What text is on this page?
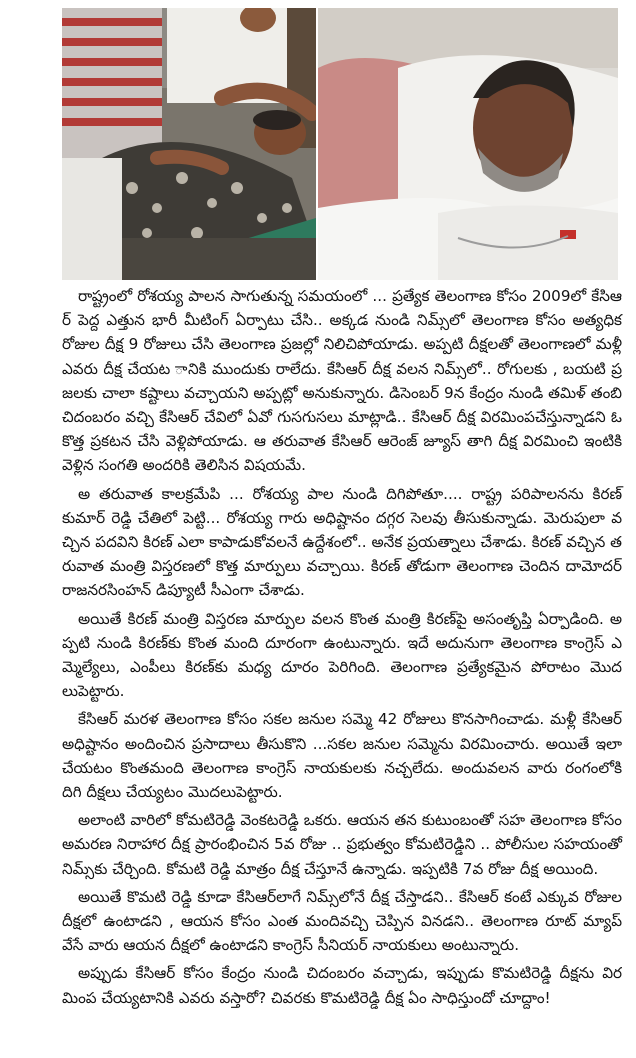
రాష్ట్రంలో రోశయ్య పాలన సాగుతున్న సమయంలో ... ప్రత్యేక తెలంగాణ కోసం 2009లో కేసిఆర్ పెద్ద ఎత్తున భారీ మీటింగ్ ఏర్పాటు చేసి.. అక్కడ నుండి నిమ్స్‌లో తెలంగాణ కోసం అత్యధిక రోజుల దీక్ష 9 రోజులు చేసి తెలంగాణ ప్రజల్లో నిలిచిపోయాడు. అప్పటి దీక్షలతో తెలంగాణలో మళ్లీ ఎవరు దీక్ష చేయట ానికి ముందుకు రాలేదు. కేసిఆర్ దీక్ష వలన నిమ్స్‌లో.. రోగులకు , బయటి ప్రజలకు చాలా కష్టాలు వచ్చాయని అప్పట్లో అనుకున్నారు. డిసెంబర్ 9న కేంద్రం నుండి తమిళ్ తంబి చిదంబరం వచ్చి కేసిఆర్ చేవిలో ఏవో గుసగుసలు మాట్లాడి.. కేసిఆర్ దీక్ష విరమింపచేస్తున్నాడని ఓ కొత్త ప్రకటన చేసి వెళ్లిపోయాడు. ఆ తరువాత కేసిఆర్ ఆరెంజ్ జ్యూస్ తాగి దీక్ష విరమించి ఇంటికి వెళ్లిన సంగతి అందరికి తెలిసిన విషయమే.

అ తరువాత కాలక్రమేపి ... రోశయ్య పాల నుండి దిగిపోతూ.... రాష్ట్ర పరిపాలనను కిరణ్ కుమార్ రెడ్డి చేతిలో పెట్టి... రోశయ్య గారు అధిష్టానం దగ్గర సెలవు తీసుకున్నాడు. మెరుపులా వచ్చిన పదవిని కిరణ్ ఎలా కాపాడుకోవలనే ఉద్దేశంలో.. అనేక ప్రయత్నాలు చేశాడు. కిరణ్ వచ్చిన తరువాత మంత్రి విస్తరణలో కొత్త మార్పులు వచ్చాయి. కిరణ్ తోడుగా తెలంగాణ చెందిన దామోదర్ రాజనరసింహన్ డిప్యూటీ సీఎంగా చేశాడు.

అయితే కిరణ్ మంత్రి విస్తరణ మార్పుల వలన కొంత మంత్రి కిరణ్‌పై అసంతృప్తి ఏర్పాడింది. అప్పటి నుండి కిరణ్‌కు కొంత మంది దూరంగా ఉంటున్నారు. ఇదే అదునుగా తెలంగాణ కాంగ్రెస్ ఎమ్మెల్యేలు, ఎంపీలు కిరణ్‌కు మధ్య దూరం పెరిగింది. తెలంగాణ ప్రత్యేకమైన పోరాటం మొదలుపెట్టారు.

కేసిఆర్ మరళ తెలంగాణ కోసం సకల జనుల సమ్మె 42 రోజులు కొనసాగించాడు. మళ్లీ కేసిఆర్ అధిష్టానం అందించిన ప్రసాదాలు తీసుకొని ...సకల జనుల సమ్మెను విరమించారు. అయితే ఇలా చేయటం కొంతమంది తెలంగాణ కాంగ్రెస్ నాయకులకు నచ్చలేదు. అందువలన వారు రంగంలోకి దిగి దీక్షలు చేయ్యటం మొదలుపెట్టారు.

అలాంటి వారిలో కోమటిరెడ్డి వెంకటరెడ్డి ఒకరు. ఆయన తన కుటుంబంతో సహ తెలంగాణ కోసం అమరణ నిరాహార దీక్ష ప్రారంభించిన 5వ రోజు .. ప్రభుత్వం కోమటిరెడ్డిని .. పోలీసుల సహయంతో నిమ్స్‌కు చేర్చింది. కోమటి రెడ్డి మాత్రం దీక్ష చేస్తూనే ఉన్నాడు. ఇప్పటికి 7వ రోజు దీక్ష అయింది.

అయితే కొమటి రెడ్డి కూడా కేసిఆర్‌లాగే నిమ్స్‌లోనే దీక్ష చేస్తాడని.. కేసిఆర్ కంటే ఎక్కువ రోజుల దీక్షలో ఉంటాడని , ఆయన కోసం ఎంత మందివచ్చి చెప్పిన వినడని.. తెలంగాణ రూట్ మ్యాప్ వేసే వారు ఆయన దీక్షలో ఉంటాడని కాంగ్రెస్ సీనియర్ నాయకులు అంటున్నారు.

అప్పుడు కేసిఆర్ కోసం కేంద్రం నుండి చిదంబరం వచ్చాడు, ఇప్పుడు కొమటిరెడ్డి దీక్షను విరమింప చేయ్యటానికి ఎవరు వస్తారో? చివరకు కొమటిరెడ్డి దీక్ష ఏం సాధిస్తుందో చూద్దాం!
